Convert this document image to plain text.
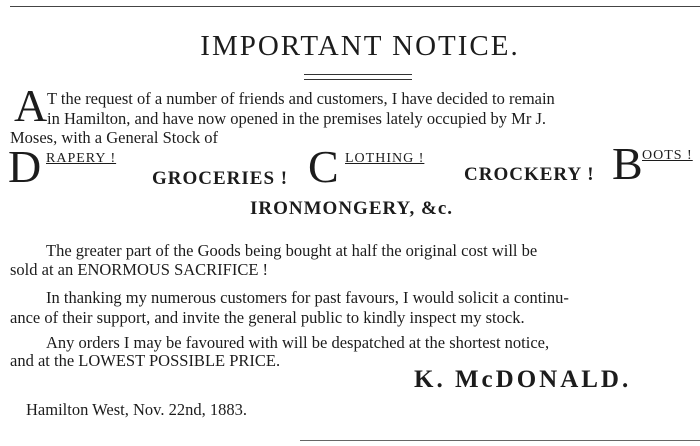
IMPORTANT NOTICE.
A T the request of a number of friends and customers, I have decided to remain
in Hamilton, and have now opened in the premises lately occupied by Mr J.
Moses, with a General Stock of
D RAPERY !
GROCERIES ! C LOTHING !
CROCKERY ! B OOTS !
IRONMONGERY, &c.
The greater part of the Goods being bought at half the original cost will be
sold at an ENORMOUS SACRIFICE !
In thanking my numerous customers for past favours, I would solicit a continu-
ance of their support, and invite the general public to kindly inspect my stock.
Any orders I may be favoured with will be despatched at the shortest notice,
and at the LOWEST POSSIBLE PRICE.
K. McDONALD.
Hamilton West, Nov. 22nd, 1883.
